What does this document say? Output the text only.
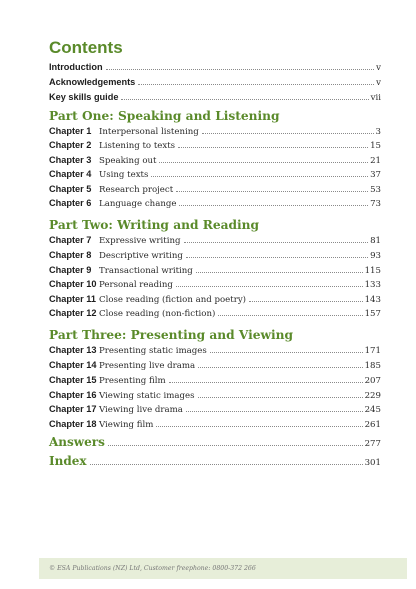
Contents
Introduction	v
Acknowledgements	v
Key skills guide	vii
Part One: Speaking and Listening
Chapter 1 Interpersonal listening	3
Chapter 2 Listening to texts	15
Chapter 3 Speaking out	21
Chapter 4 Using texts	37
Chapter 5 Research project	53
Chapter 6 Language change	73
Part Two: Writing and Reading
Chapter 7 Expressive writing	81
Chapter 8 Descriptive writing	93
Chapter 9 Transactional writing	115
Chapter 10 Personal reading	133
Chapter 11 Close reading (fiction and poetry)	143
Chapter 12 Close reading (non-fiction)	157
Part Three: Presenting and Viewing
Chapter 13 Presenting static images	171
Chapter 14 Presenting live drama	185
Chapter 15 Presenting film	207
Chapter 16 Viewing static images	229
Chapter 17 Viewing live drama	245
Chapter 18 Viewing film	261
Answers	277
Index	301
© ESA Publications (NZ) Ltd, Customer freephone: 0800-372 266
